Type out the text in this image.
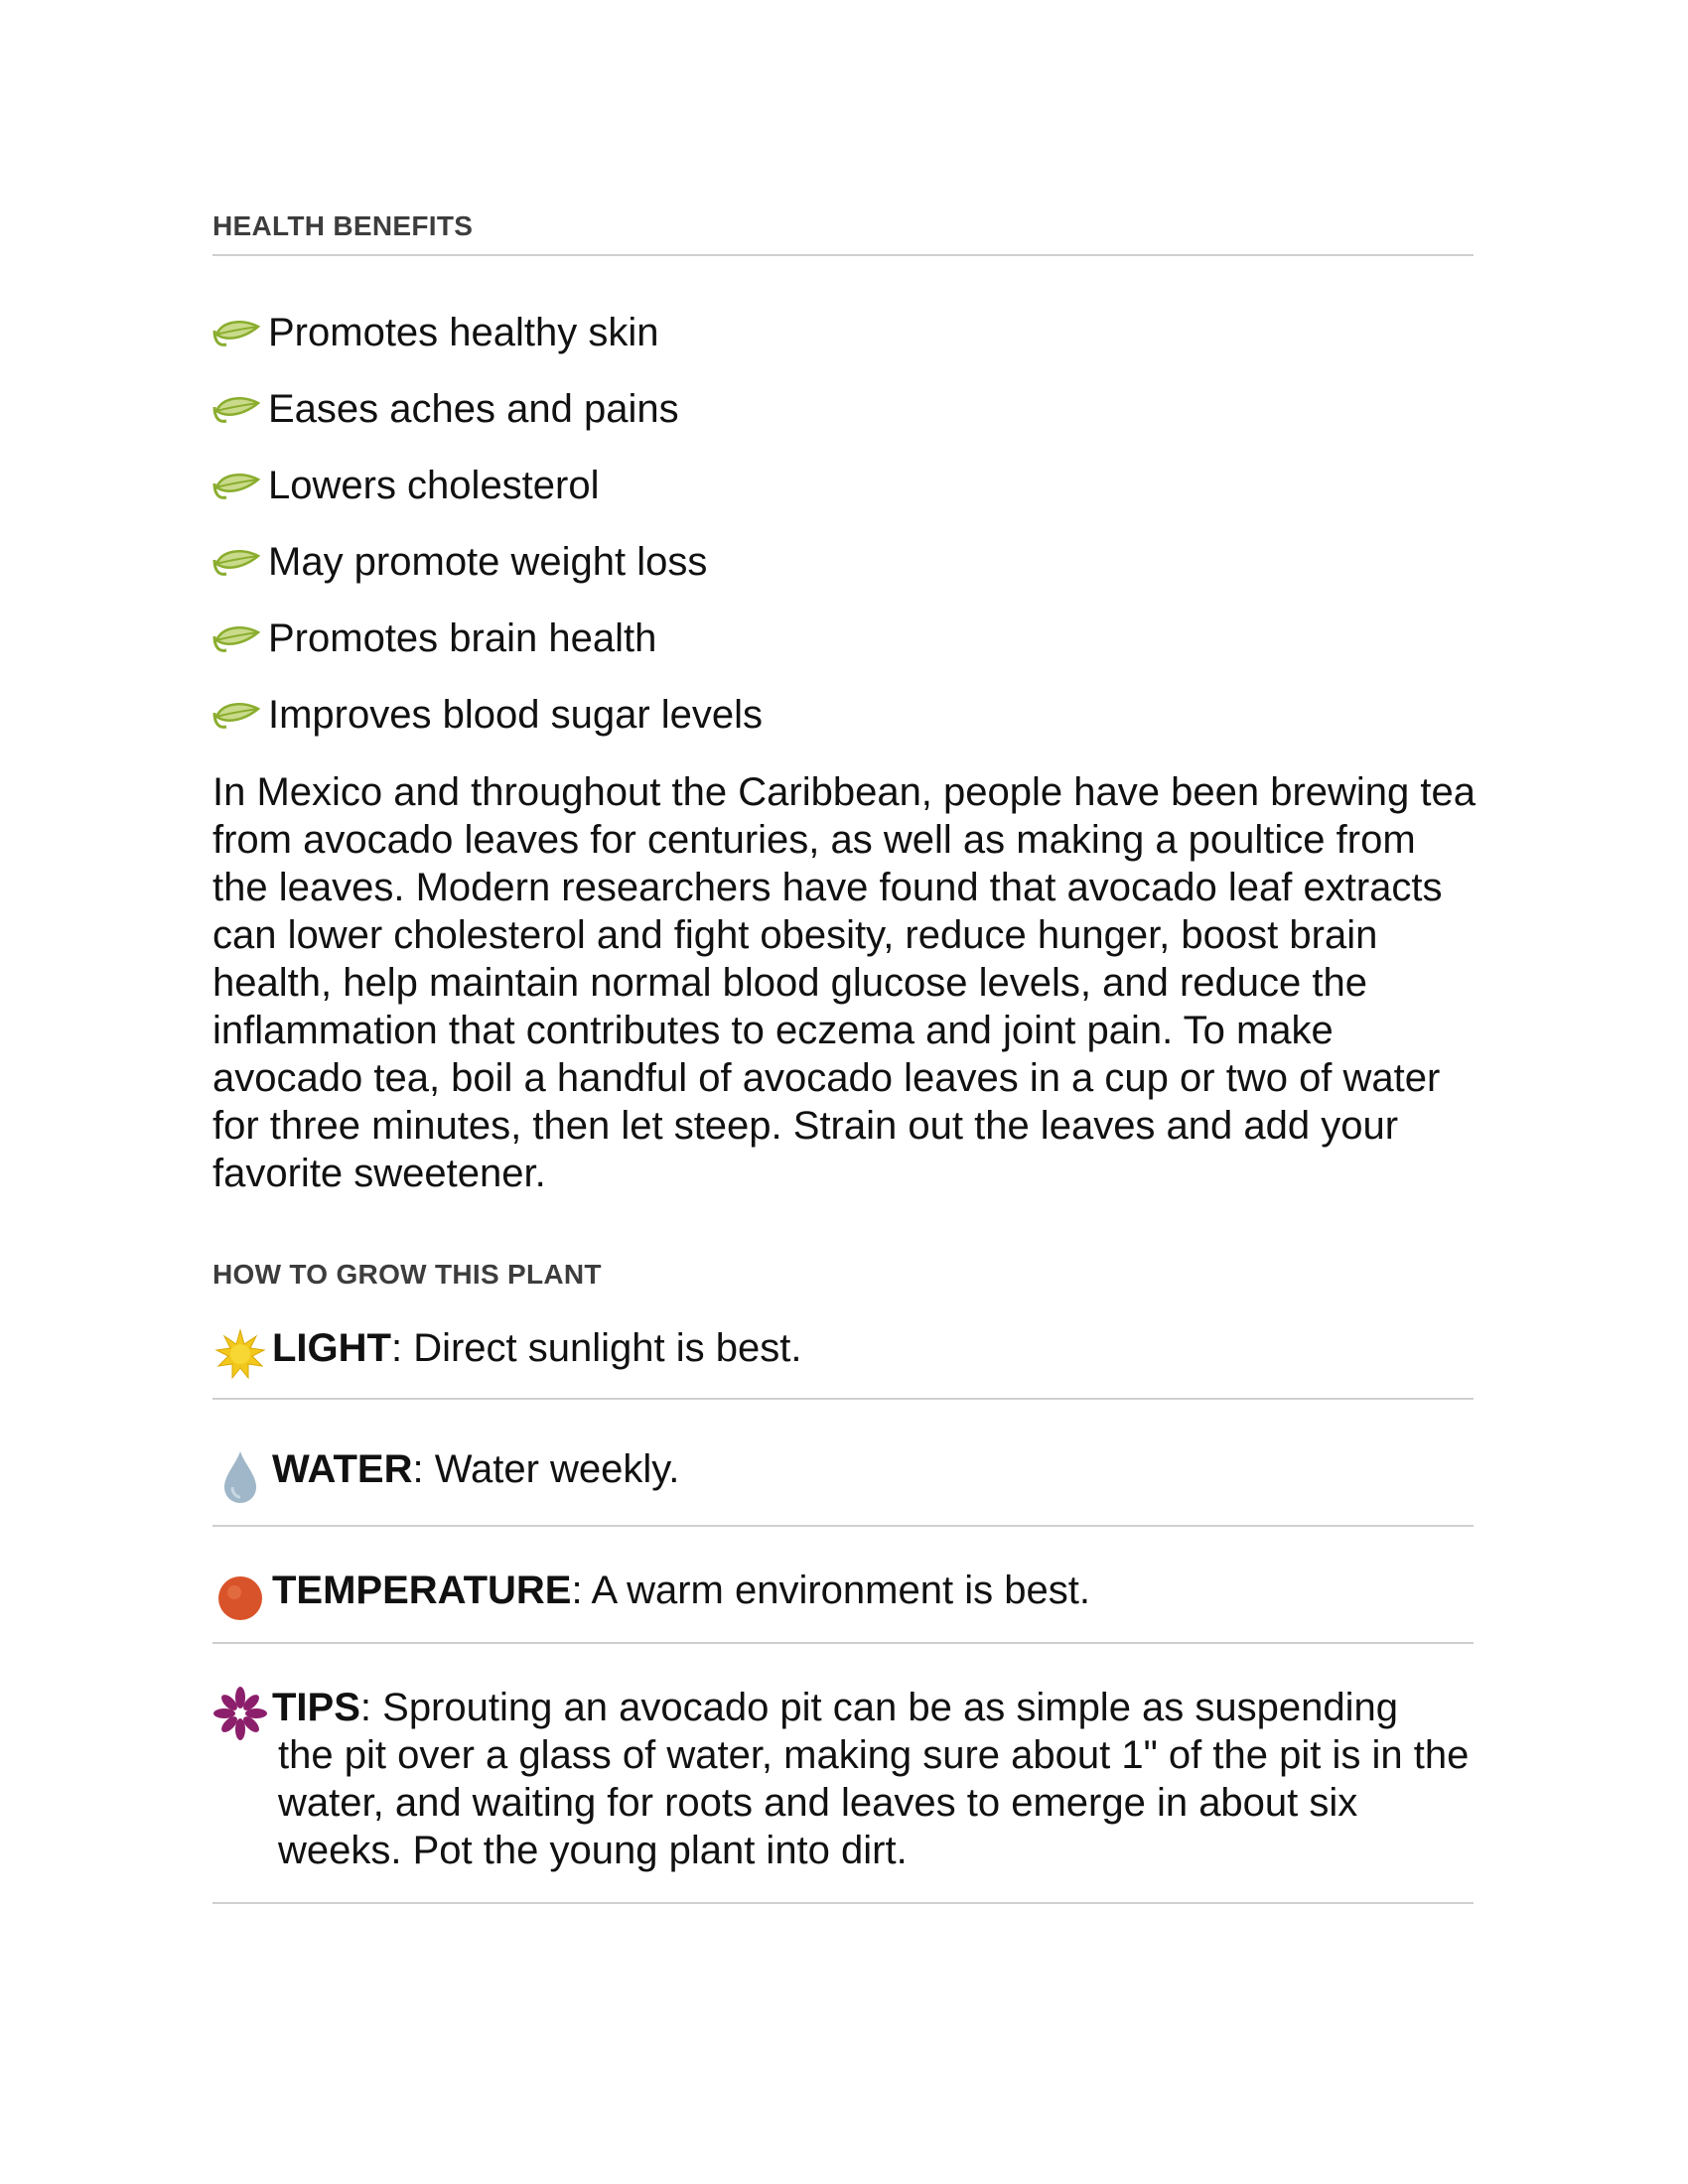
HEALTH BENEFITS
Promotes healthy skin
Eases aches and pains
Lowers cholesterol
May promote weight loss
Promotes brain health
Improves blood sugar levels

In Mexico and throughout the Caribbean, people have been brewing tea from avocado leaves for centuries, as well as making a poultice from the leaves. Modern researchers have found that avocado leaf extracts can lower cholesterol and fight obesity, reduce hunger, boost brain health, help maintain normal blood glucose levels, and reduce the inflammation that contributes to eczema and joint pain. To make avocado tea, boil a handful of avocado leaves in a cup or two of water for three minutes, then let steep. Strain out the leaves and add your favorite sweetener.

HOW TO GROW THIS PLANT
LIGHT: Direct sunlight is best.
WATER: Water weekly.
TEMPERATURE: A warm environment is best.
TIPS: Sprouting an avocado pit can be as simple as suspending
the pit over a glass of water, making sure about 1" of the pit is in the water, and waiting for roots and leaves to emerge in about six weeks. Pot the young plant into dirt.
